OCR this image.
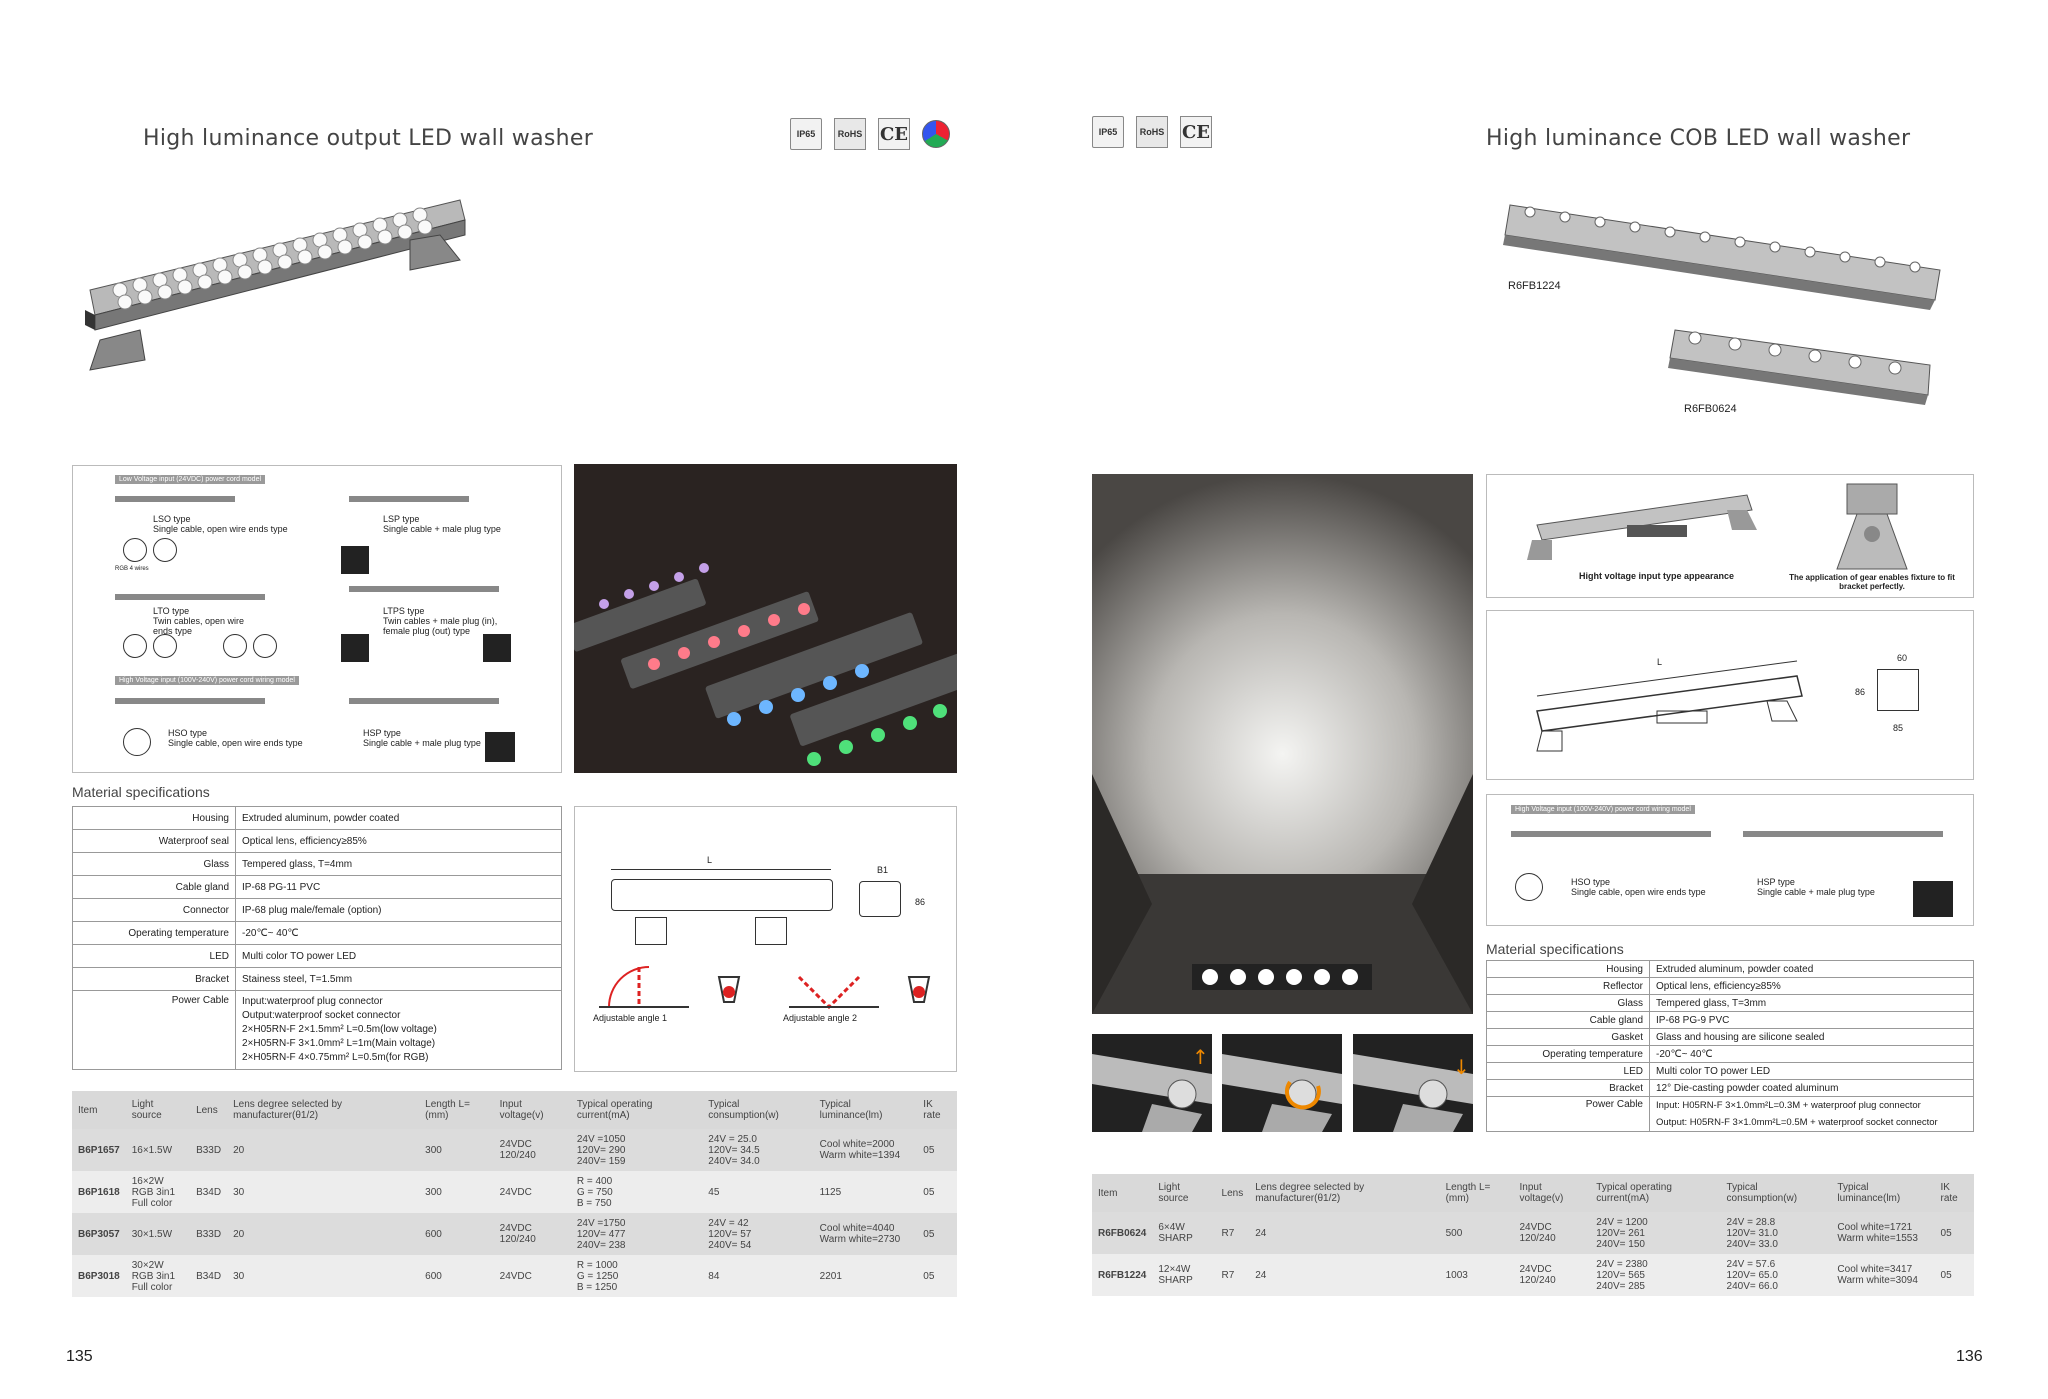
High luminance output LED wall washer	IP65	RoHS CE
Low Voltage input (24VDC) power cord model
LSO type
Single cable, open wire ends type
RGB 4 wires
LSP type
Single cable + male plug type
LTO type
Twin cables, open wire ends type
LTPS type
Twin cables + male plug (in), female plug (out) type
High Voltage input (100V-240V) power cord wiring model
HSO type
Single cable, open wire ends type
HSP type
Single cable + male plug type
Material specifications
Housing	Extruded aluminum, powder coated
Waterproof seal	Optical lens, efficiency≥85%
Glass	Tempered glass, T=4mm
Cable gland	IP-68 PG-11 PVC
Connector	IP-68 plug male/female (option)
Operating temperature	-20℃~ 40℃
LED	Multi color TO power LED
Bracket	Stainess steel, T=1.5mm
Power Cable	Input:waterproof plug connector
Output:waterproof socket connector
2×H05RN-F 2×1.5mm² L=0.5m(low voltage)
2×H05RN-F 3×1.0mm² L=1m(Main voltage)
2×H05RN-F 4×0.75mm² L=0.5m(for RGB)
L
B1
86
Adjustable angle 1	Adjustable angle 2
Item	Light source	Lens	Lens degree selected by manufacturer(θ1/2)	Length L=(mm)	Input voltage(v)	Typical operating current(mA)	Typical consumption(w)	Typical luminance(lm)	IK rate
B6P1657	16×1.5W	B33D	20	300	24VDC
120/240	24V =1050
120V= 290
240V= 159	24V = 25.0
120V= 34.5
240V= 34.0	Cool white=2000
Warm white=1394	05
B6P1618	16×2W
RGB 3in1
Full color	B34D	30	300	24VDC	R = 400
G = 750
B = 750	45	1125	05
B6P3057	30×1.5W	B33D	20	600	24VDC
120/240	24V =1750
120V= 477
240V= 238	24V = 42
120V= 57
240V= 54	Cool white=4040
Warm white=2730	05
B6P3018	30×2W
RGB 3in1
Full color	B34D	30	600	24VDC	R = 1000
G = 1250
B = 1250	84	2201	05
135
IP65	RoHS CE	High luminance COB LED wall washer
R6FB1224
R6FB0624
↑	↓
Hight voltage input type appearance	The application of gear enables fixture to fit bracket perfectly.
L	60
86
85
High Voltage input (100V-240V) power cord wiring model
HSO type
Single cable, open wire ends type
HSP type
Single cable + male plug type
Material specifications
Housing	Extruded aluminum, powder coated
Reflector	Optical lens, efficiency≥85%
Glass	Tempered glass, T=3mm
Cable gland	IP-68 PG-9 PVC
Gasket	Glass and housing are silicone sealed
Operating temperature	-20℃~ 40℃
LED	Multi color TO power LED
Bracket	12° Die-casting powder coated aluminum
Power Cable	Input: H05RN-F 3×1.0mm²L=0.3M + waterproof plug connector
Output: H05RN-F 3×1.0mm²L=0.5M + waterproof socket connector
Item	Light source	Lens	Lens degree selected by manufacturer(θ1/2)	Length L=(mm)	Input voltage(v)	Typical operating current(mA)	Typical consumption(w)	Typical luminance(lm)	IK rate
R6FB0624	6×4W
SHARP	R7	24	500	24VDC
120/240	24V = 1200
120V= 261
240V= 150	24V = 28.8
120V= 31.0
240V= 33.0	Cool white=1721
Warm white=1553	05
R6FB1224	12×4W
SHARP	R7	24	1003	24VDC
120/240	24V = 2380
120V= 565
240V= 285	24V = 57.6
120V= 65.0
240V= 66.0	Cool white=3417
Warm white=3094	05
136
